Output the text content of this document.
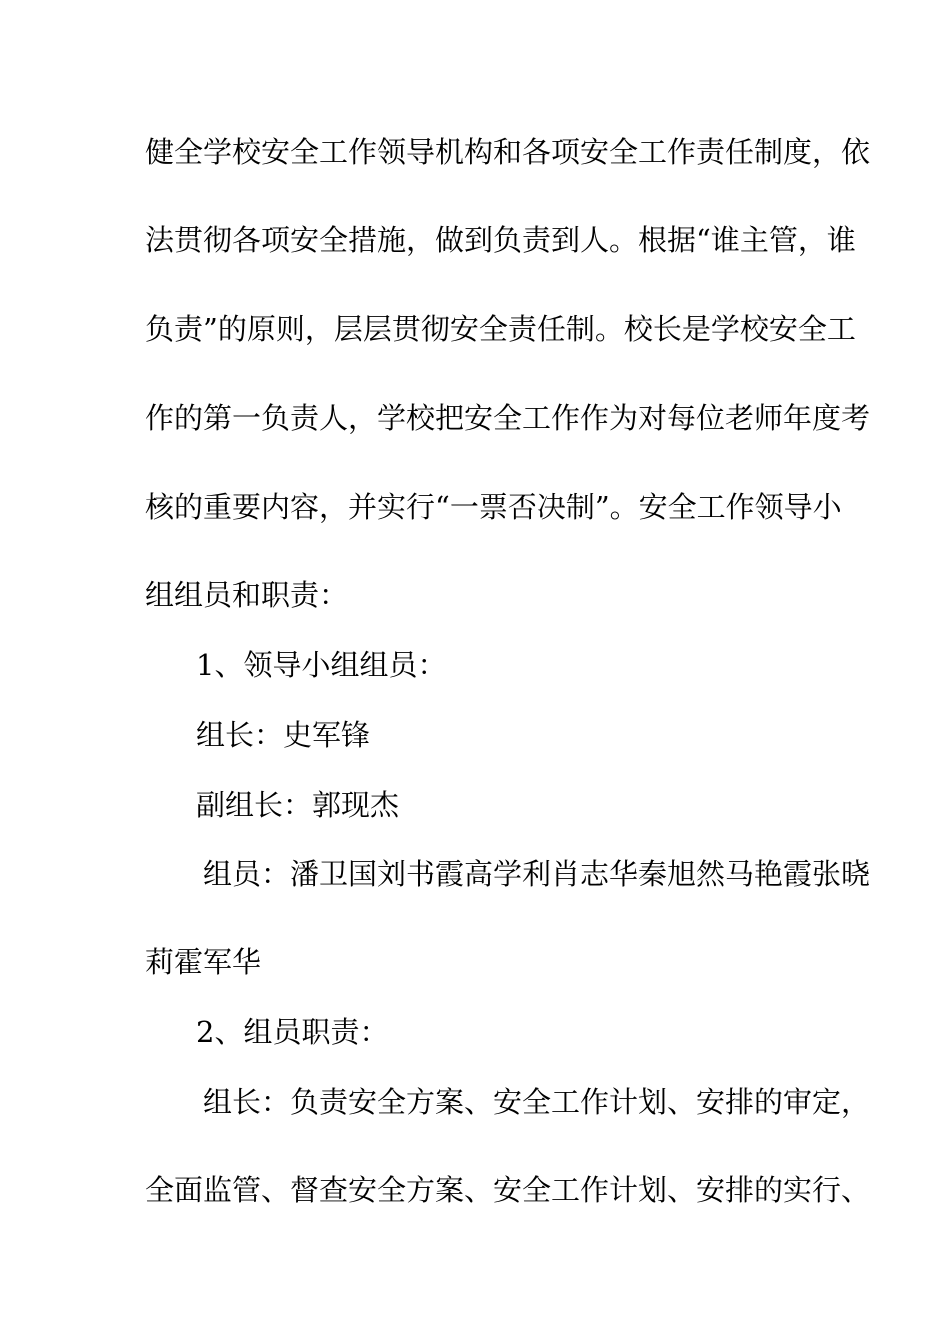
健全学校安全工作领导机构和各项安全工作责任制度，依
法贯彻各项安全措施，做到负责到人。根据“谁主管，谁
负责”的原则，层层贯彻安全责任制。校长是学校安全工
作的第一负责人，学校把安全工作作为对每位老师年度考
核的重要内容，并实行“一票否决制”。安全工作领导小
组组员和职责：
1、领导小组组员：
组长：史军锋
副组长：郭现杰
组员：潘卫国刘书霞高学利肖志华秦旭然马艳霞张晓
莉霍军华
2、组员职责：
组长：负责安全方案、安全工作计划、安排的审定，
全面监管、督查安全方案、安全工作计划、安排的实行、
